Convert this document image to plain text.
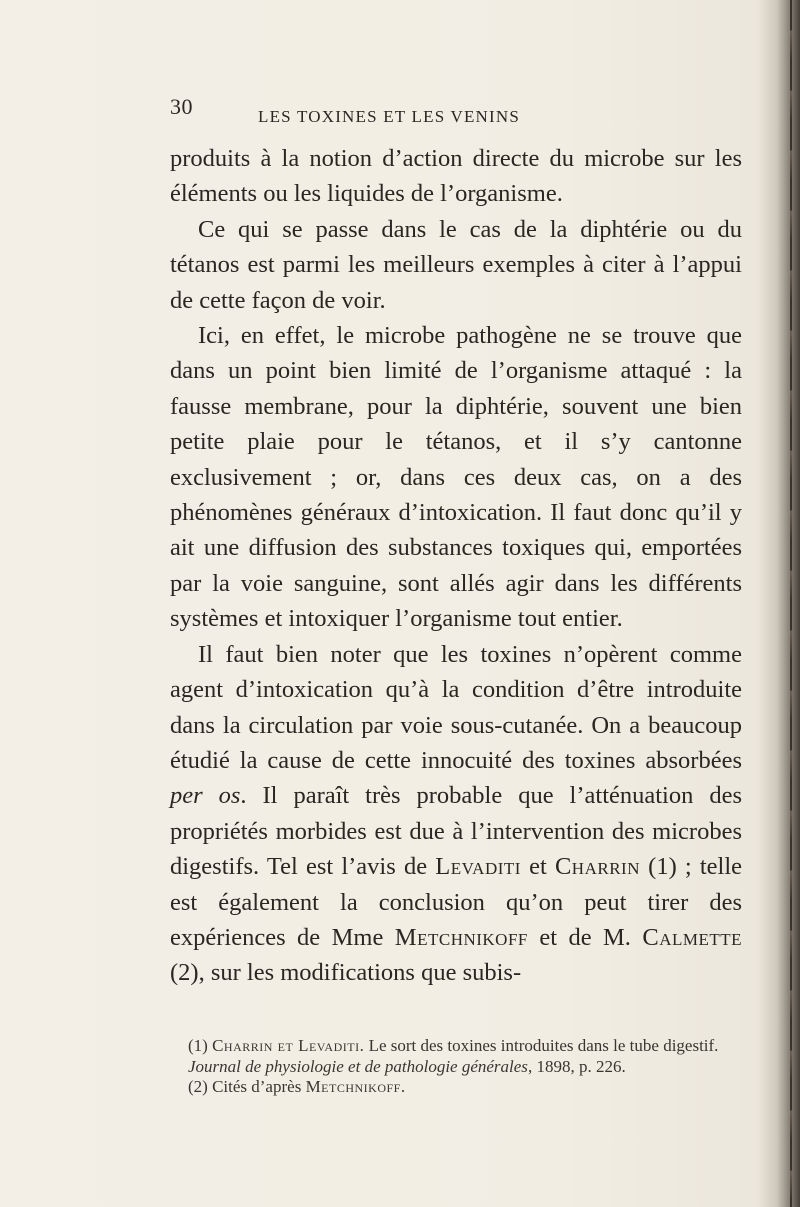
30	LES TOXINES ET LES VENINS

produits à la notion d’action directe du microbe sur les éléments ou les liquides de l’organisme.

Ce qui se passe dans le cas de la diphtérie ou du tétanos est parmi les meilleurs exemples à citer à l’appui de cette façon de voir.

Ici, en effet, le microbe pathogène ne se trouve que dans un point bien limité de l’organisme attaqué : la fausse membrane, pour la diphtérie, souvent une bien petite plaie pour le tétanos, et il s’y cantonne exclusivement ; or, dans ces deux cas, on a des phénomènes généraux d’intoxication. Il faut donc qu’il y ait une diffusion des substances toxiques qui, emportées par la voie sanguine, sont allés agir dans les différents systèmes et intoxiquer l’organisme tout entier.

Il faut bien noter que les toxines n’opèrent comme agent d’intoxication qu’à la condition d’être introduite dans la circulation par voie sous-cutanée. On a beaucoup étudié la cause de cette innocuité des toxines absorbées per os. Il paraît très probable que l’atténuation des propriétés morbides est due à l’intervention des microbes digestifs. Tel est l’avis de Levaditi et Charrin (1) ; telle est également la conclusion qu’on peut tirer des expériences de Mme Metchnikoff et de M. Calmette (2), sur les modifications que subis-

(1) Charrin et Levaditi. Le sort des toxines introduites dans le tube digestif. Journal de physiologie et de pathologie générales, 1898, p. 226.

(2) Cités d’après Metchnikoff.
